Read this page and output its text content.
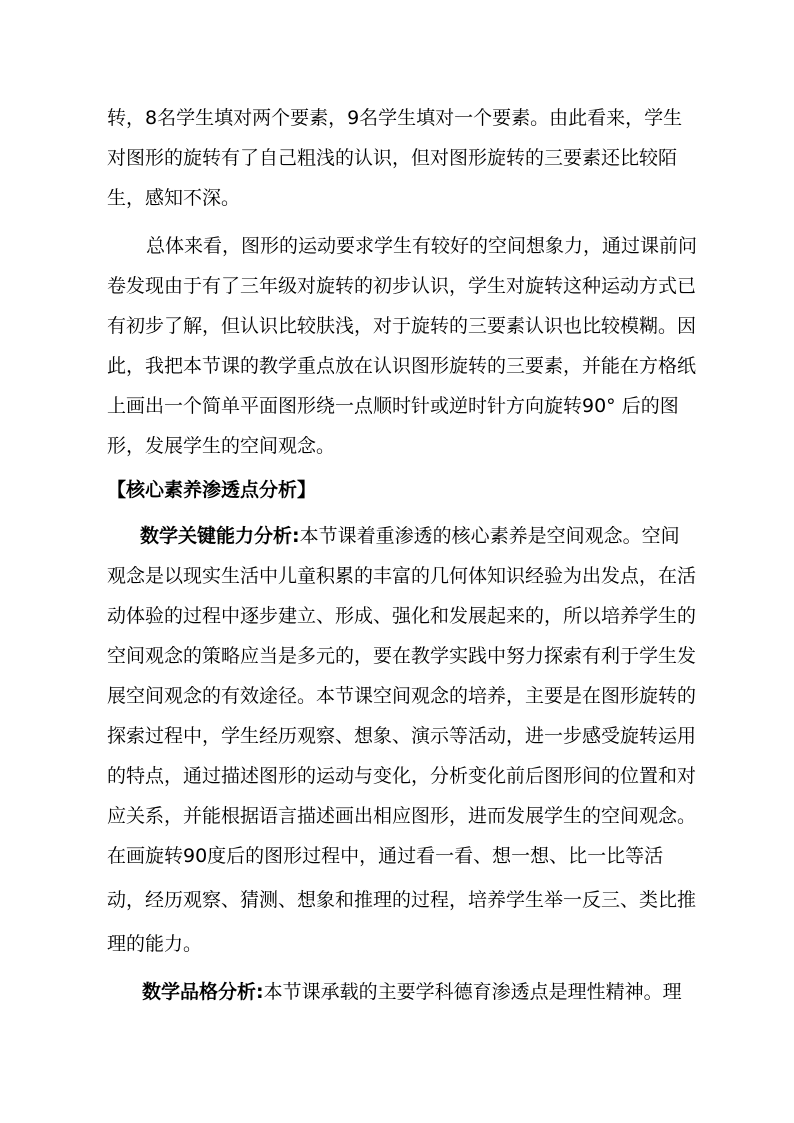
转，8名学生填对两个要素，9名学生填对一个要素。由此看来，学生
对图形的旋转有了自己粗浅的认识，但对图形旋转的三要素还比较陌
生，感知不深。
总体来看，图形的运动要求学生有较好的空间想象力，通过课前问
卷发现由于有了三年级对旋转的初步认识，学生对旋转这种运动方式已
有初步了解，但认识比较肤浅，对于旋转的三要素认识也比较模糊。因
此，我把本节课的教学重点放在认识图形旋转的三要素，并能在方格纸
上画出一个简单平面图形绕一点顺时针或逆时针方向旋转90° 后的图
形，发展学生的空间观念。
【核心素养渗透点分析】
数学关键能力分析:本节课着重渗透的核心素养是空间观念。空间
观念是以现实生活中儿童积累的丰富的几何体知识经验为出发点，在活
动体验的过程中逐步建立、形成、强化和发展起来的，所以培养学生的
空间观念的策略应当是多元的，要在教学实践中努力探索有利于学生发
展空间观念的有效途径。本节课空间观念的培养，主要是在图形旋转的
探索过程中，学生经历观察、想象、演示等活动，进一步感受旋转运用
的特点，通过描述图形的运动与变化，分析变化前后图形间的位置和对
应关系，并能根据语言描述画出相应图形，进而发展学生的空间观念。
在画旋转90度后的图形过程中，通过看一看、想一想、比一比等活
动，经历观察、猜测、想象和推理的过程，培养学生举一反三、类比推
理的能力。
数学品格分析:本节课承载的主要学科德育渗透点是理性精神。理
